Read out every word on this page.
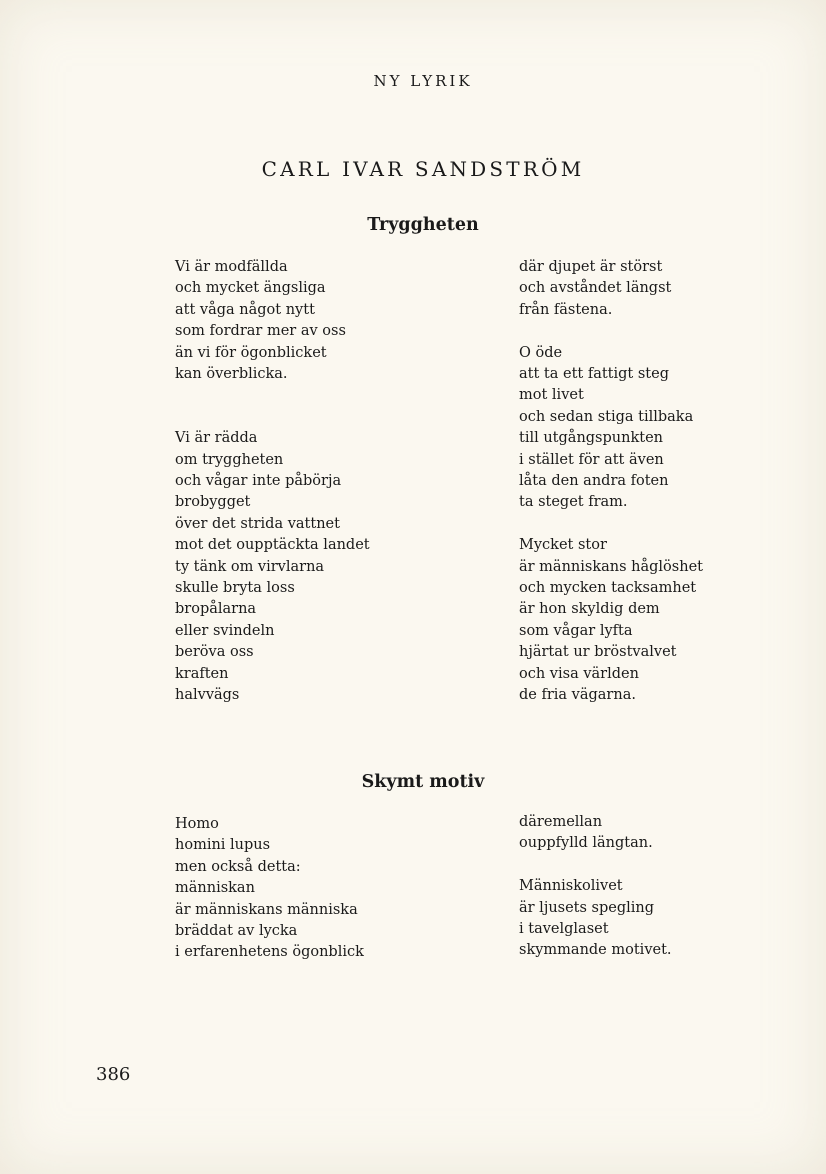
NY LYRIK
CARL IVAR SANDSTRÖM
Tryggheten
Vi är modfällda
och mycket ängsliga
att våga något nytt
som fordrar mer av oss
än vi för ögonblicket
kan överblicka.
Vi är rädda
om tryggheten
och vågar inte påbörja
brobygget
över det strida vattnet
mot det oupptäckta landet
ty tänk om virvlarna
skulle bryta loss
bropålarna
eller svindeln
beröva oss
kraften
halvvägs
där djupet är störst
och avståndet längst
från fästena.
O öde
att ta ett fattigt steg
mot livet
och sedan stiga tillbaka
till utgångspunkten
i stället för att även
låta den andra foten
ta steget fram.
Mycket stor
är människans håglöshet
och mycken tacksamhet
är hon skyldig dem
som vågar lyfta
hjärtat ur bröstvalvet
och visa världen
de fria vägarna.
Skymt motiv
Homo
homini lupus
men också detta:
människan
är människans människa
bräddat av lycka
i erfarenhetens ögonblick
däremellan
ouppfylld längtan.
Människolivet
är ljusets spegling
i tavelglaset
skymmande motivet.
386
